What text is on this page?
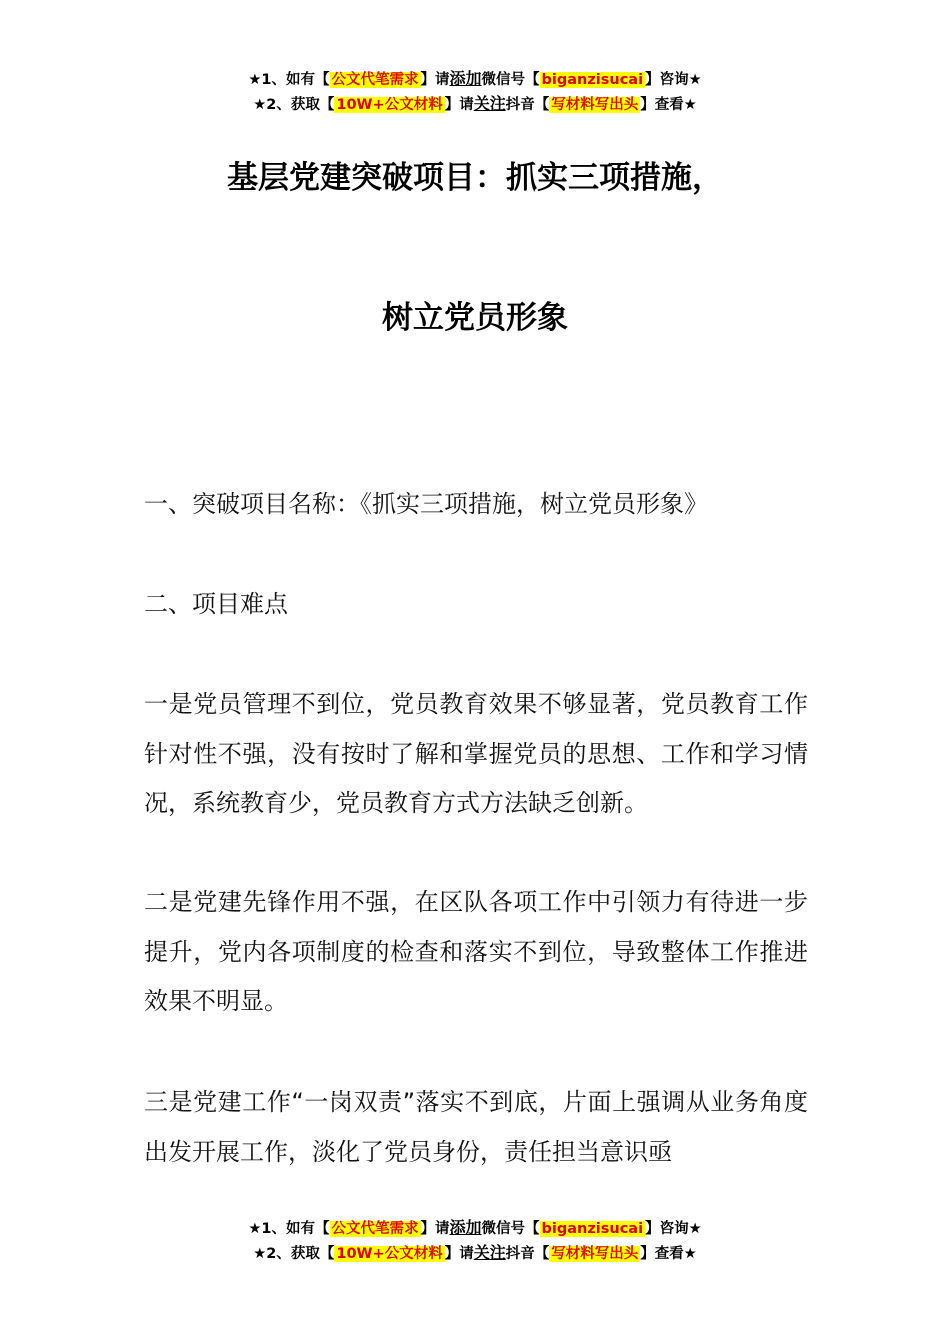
★1、如有【 公文代笔需求 】请添加微信号【 biganzisucai 】咨询★
★2、获取【 10W+公文材料 】请关注抖音【 写材料写出头 】查看★
基层党建突破项目：抓实三项措施，
树立党员形象
一、突破项目名称：《抓实三项措施，树立党员形象》
二、项目难点
一是党员管理不到位，党员教育效果不够显著，党员教育工作针对性不强，没有按时了解和掌握党员的思想、工作和学习情况，系统教育少，党员教育方式方法缺乏创新。
二是党建先锋作用不强，在区队各项工作中引领力有待进一步提升，党内各项制度的检查和落实不到位，导致整体工作推进效果不明显。
三是党建工作“一岗双责”落实不到底，片面上强调从业务角度出发开展工作，淡化了党员身份，责任担当意识亟
★1、如有【 公文代笔需求 】请添加微信号【 biganzisucai 】咨询★
★2、获取【 10W+公文材料 】请关注抖音【 写材料写出头 】查看★
